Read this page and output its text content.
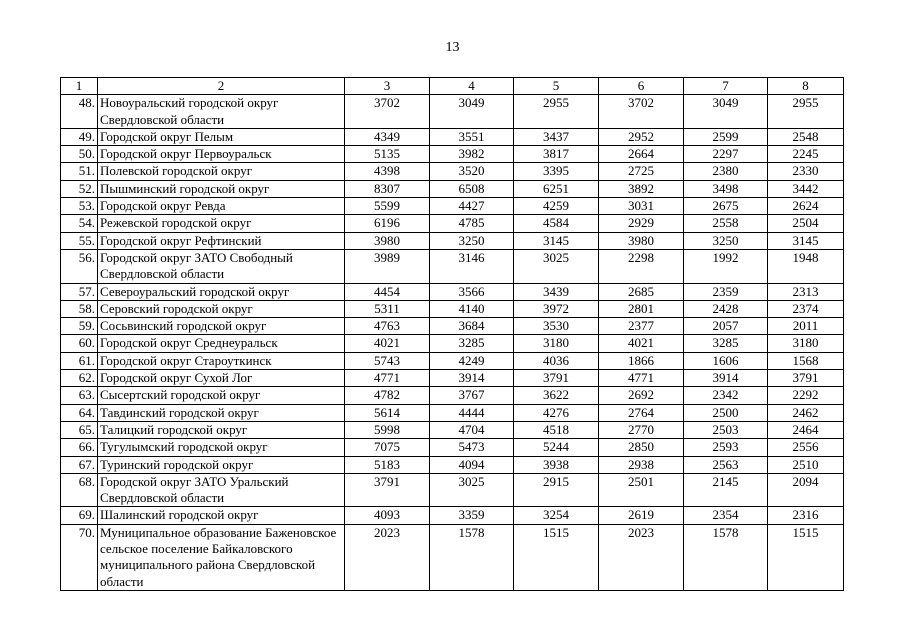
13
1	2	3	4	5	6	7	8
48.	Новоуральский городской округ Свердловской области	3702	3049	2955	3702	3049	2955
49.	Городской округ Пелым	4349	3551	3437	2952	2599	2548
50.	Городской округ Первоуральск	5135	3982	3817	2664	2297	2245
51.	Полевской городской округ	4398	3520	3395	2725	2380	2330
52.	Пышминский городской округ	8307	6508	6251	3892	3498	3442
53.	Городской округ Ревда	5599	4427	4259	3031	2675	2624
54.	Режевской городской округ	6196	4785	4584	2929	2558	2504
55.	Городской округ Рефтинский	3980	3250	3145	3980	3250	3145
56.	Городской округ ЗАТО Свободный Свердловской области	3989	3146	3025	2298	1992	1948
57.	Североуральский городской округ	4454	3566	3439	2685	2359	2313
58.	Серовский городской округ	5311	4140	3972	2801	2428	2374
59.	Сосьвинский городской округ	4763	3684	3530	2377	2057	2011
60.	Городской округ Среднеуральск	4021	3285	3180	4021	3285	3180
61.	Городской округ Староуткинск	5743	4249	4036	1866	1606	1568
62.	Городской округ Сухой Лог	4771	3914	3791	4771	3914	3791
63.	Сысертский городской округ	4782	3767	3622	2692	2342	2292
64.	Тавдинский городской округ	5614	4444	4276	2764	2500	2462
65.	Талицкий городской округ	5998	4704	4518	2770	2503	2464
66.	Тугулымский городской округ	7075	5473	5244	2850	2593	2556
67.	Туринский городской округ	5183	4094	3938	2938	2563	2510
68.	Городской округ ЗАТО Уральский Свердловской области	3791	3025	2915	2501	2145	2094
69.	Шалинский городской округ	4093	3359	3254	2619	2354	2316
70.	Муниципальное образование Баженовское сельское поселение Байкаловского муниципального района Свердловской области	2023	1578	1515	2023	1578	1515
